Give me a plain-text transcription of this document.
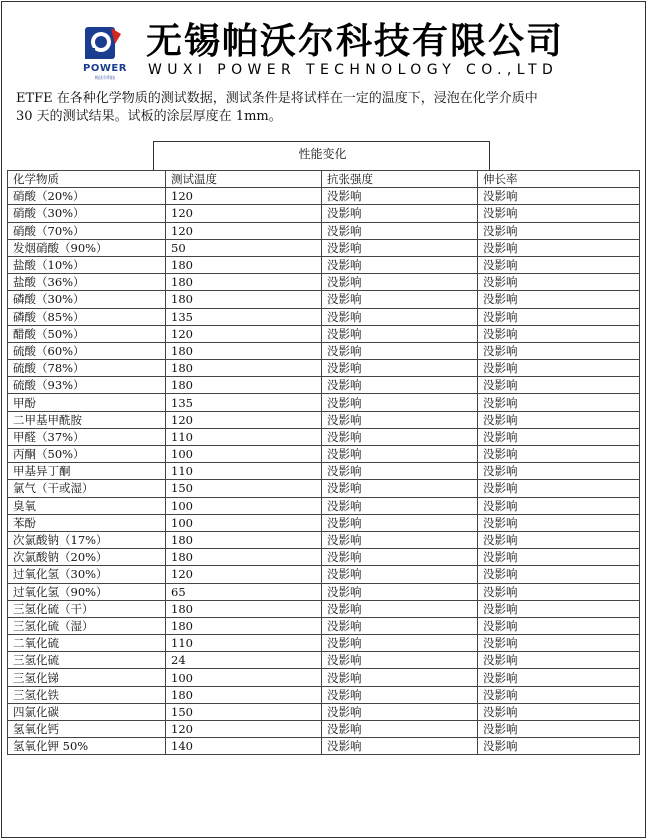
POWER
帕沃尔科技
无锡帕沃尔科技有限公司
WUXI POWER TECHNOLOGY CO.,LTD
ETFE 在各种化学物质的测试数据，测试条件是将试样在一定的温度下，浸泡在化学介质中
30 天的测试结果。试板的涂层厚度在 1mm。
性能变化
化学物质	测试温度	抗张强度	伸长率
硝酸（20%）	120	没影响	没影响
硝酸（30%）	120	没影响	没影响
硝酸（70%）	120	没影响	没影响
发烟硝酸（90%）	50	没影响	没影响
盐酸（10%）	180	没影响	没影响
盐酸（36%）	180	没影响	没影响
磷酸（30%）	180	没影响	没影响
磷酸（85%）	135	没影响	没影响
醋酸（50%）	120	没影响	没影响
硫酸（60%）	180	没影响	没影响
硫酸（78%）	180	没影响	没影响
硫酸（93%）	180	没影响	没影响
甲酚	135	没影响	没影响
二甲基甲酰胺	120	没影响	没影响
甲醛（37%）	110	没影响	没影响
丙酮（50%）	100	没影响	没影响
甲基异丁酮	110	没影响	没影响
氯气（干或湿）	150	没影响	没影响
臭氧	100	没影响	没影响
苯酚	100	没影响	没影响
次氯酸钠（17%）	180	没影响	没影响
次氯酸钠（20%）	180	没影响	没影响
过氧化氢（30%）	120	没影响	没影响
过氧化氢（90%）	65	没影响	没影响
三氢化硫（干）	180	没影响	没影响
三氢化硫（湿）	180	没影响	没影响
二氧化硫	110	没影响	没影响
三氢化硫	24	没影响	没影响
三氢化锑	100	没影响	没影响
三氢化铁	180	没影响	没影响
四氯化碳	150	没影响	没影响
氢氧化钙	120	没影响	没影响
氢氧化钾 50%	140	没影响	没影响
